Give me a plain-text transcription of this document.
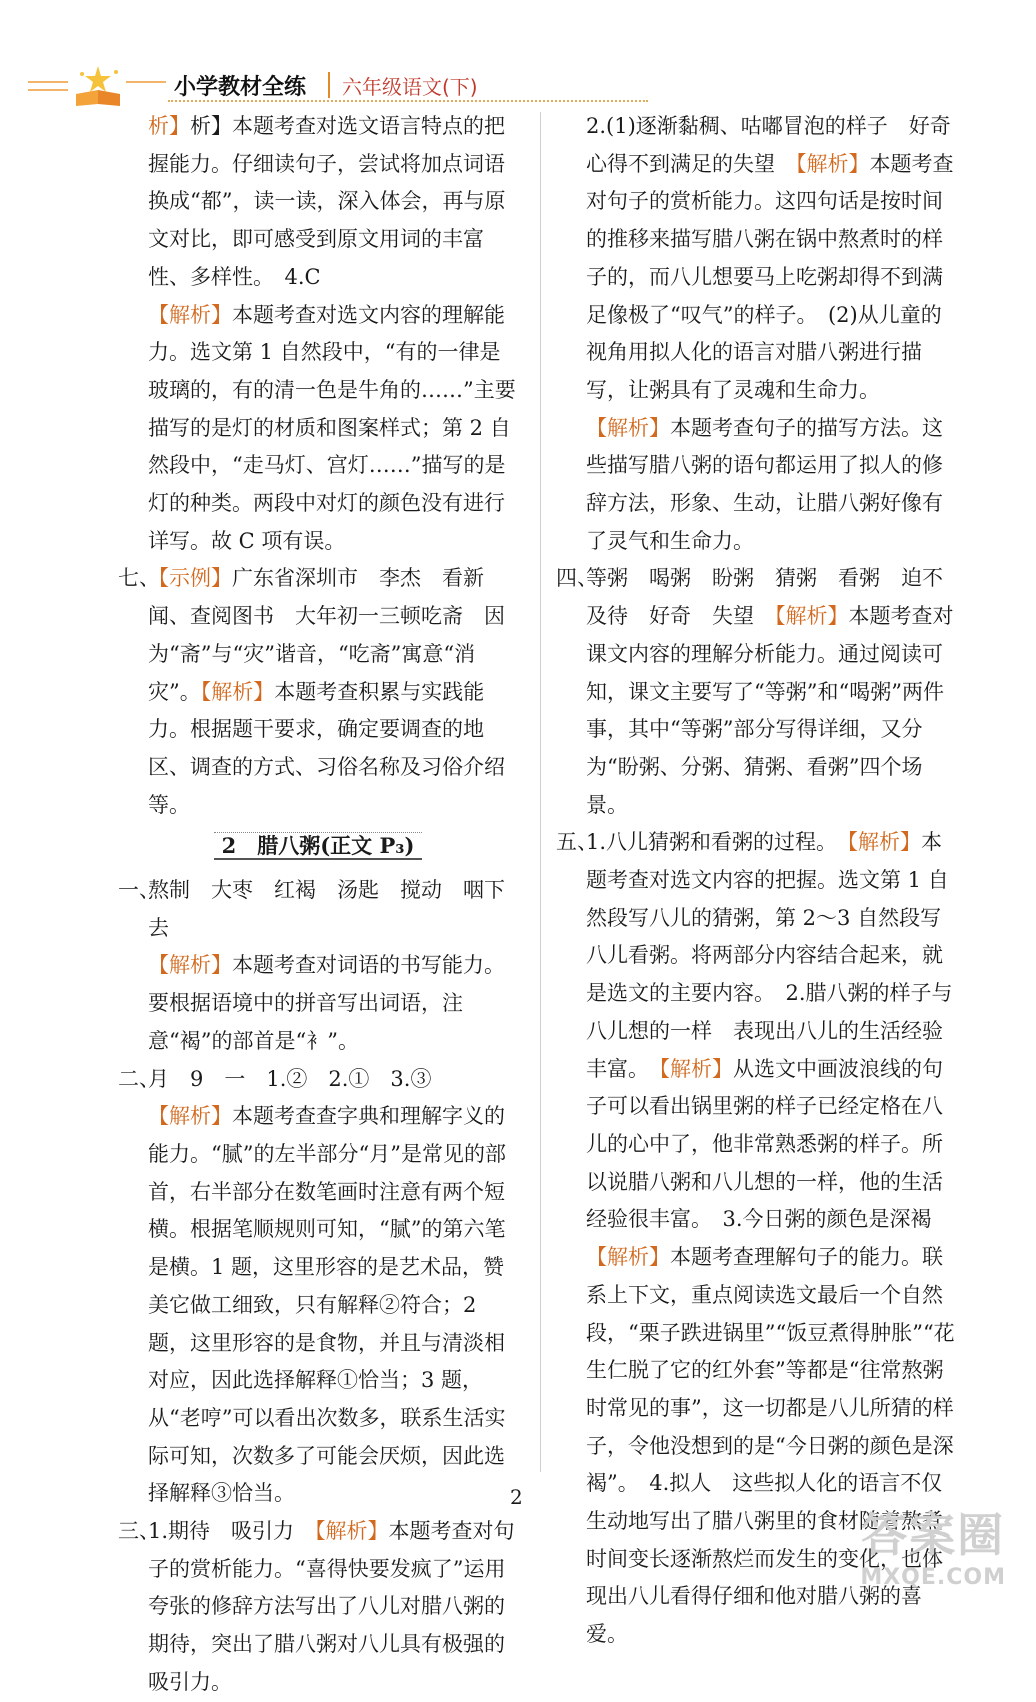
小学教材全练 六年级语文(下)

析】析】本题考查对选文语言特点的把握能力。仔细读句子，尝试将加点词语换成“都”，读一读，深入体会，再与原文对比，即可感受到原文用词的丰富性、多样性。　4.C

【解析】本题考查对选文内容的理解能力。选文第 1 自然段中，“有的一律是玻璃的，有的清一色是牛角的……”主要描写的是灯的材质和图案样式；第 2 自然段中，“走马灯、宫灯……”描写的是灯的种类。两段中对灯的颜色没有进行详写。故 C 项有误。

七、
【示例】广东省深圳市　李杰　看新闻、查阅图书　大年初一三顿吃斋　因为“斋”与“灾”谐音，“吃斋”寓意“消灾”。【解析】本题考查积累与实践能力。根据题干要求，确定要调查的地区、调查的方式、习俗名称及习俗介绍等。

2　腊八粥(正文 P₃)

一、
熬制　大枣　红褐　汤匙　搅动　咽下去
【解析】本题考查对词语的书写能力。要根据语境中的拼音写出词语，注意“褐”的部首是“衤”。

二、
月　9　一　1.②　2.①　3.③　【解析】本题考查查字典和理解字义的能力。“腻”的左半部分“月”是常见的部首，右半部分在数笔画时注意有两个短横。根据笔顺规则可知，“腻”的第六笔是横。1 题，这里形容的是艺术品，赞美它做工细致，只有解释②符合；2 题，这里形容的是食物，并且与清淡相对应，因此选择解释①恰当；3 题，从“老哼”可以看出次数多，联系生活实际可知，次数多了可能会厌烦，因此选择解释③恰当。

三、
1.期待　吸引力　 【解析】本题考查对句子的赏析能力。“喜得快要发疯了”运用夸张的修辞方法写出了八儿对腊八粥的期待，突出了腊八粥对八儿具有极强的吸引力。

2.(1)逐渐黏稠、咕嘟冒泡的样子　好奇心得不到满足的失望　 【解析】本题考查对句子的赏析能力。这四句话是按时间的推移来描写腊八粥在锅中熬煮时的样子的，而八儿想要马上吃粥却得不到满足像极了“叹气”的样子。　(2)从儿童的视角用拟人化的语言对腊八粥进行描写，让粥具有了灵魂和生命力。　【解析】本题考查句子的描写方法。这些描写腊八粥的语句都运用了拟人的修辞方法，形象、生动，让腊八粥好像有了灵气和生命力。

四、
等粥　喝粥　盼粥　猜粥　看粥　迫不及待　好奇　失望　 【解析】本题考查对课文内容的理解分析能力。通过阅读可知，课文主要写了“等粥”和“喝粥”两件事，其中“等粥”部分写得详细，又分为“盼粥、分粥、猜粥、看粥”四个场景。

五、
1.八儿猜粥和看粥的过程。　 【解析】本题考查对选文内容的把握。选文第 1 自然段写八儿的猜粥，第 2～3 自然段写八儿看粥。将两部分内容结合起来，就是选文的主要内容。　2.腊八粥的样子与八儿想的一样　表现出八儿的生活经验丰富。　 【解析】从选文中画波浪线的句子可以看出锅里粥的样子已经定格在八儿的心中了，他非常熟悉粥的样子。所以说腊八粥和八儿想的一样，他的生活经验很丰富。　3.今日粥的颜色是深褐　【解析】本题考查理解句子的能力。联系上下文，重点阅读选文最后一个自然段，“栗子跌进锅里”“饭豆煮得肿胀”“花生仁脱了它的红外套”等都是“往常熬粥时常见的事”，这一切都是八儿所猜的样子，令他没想到的是“今日粥的颜色是深褐”。　4.拟人　这些拟人化的语言不仅生动地写出了腊八粥里的食材随着熬煮时间变长逐渐熬烂而发生的变化，也体现出八儿看得仔细和他对腊八粥的喜爱。

2
答案圈
MXQE.COM
